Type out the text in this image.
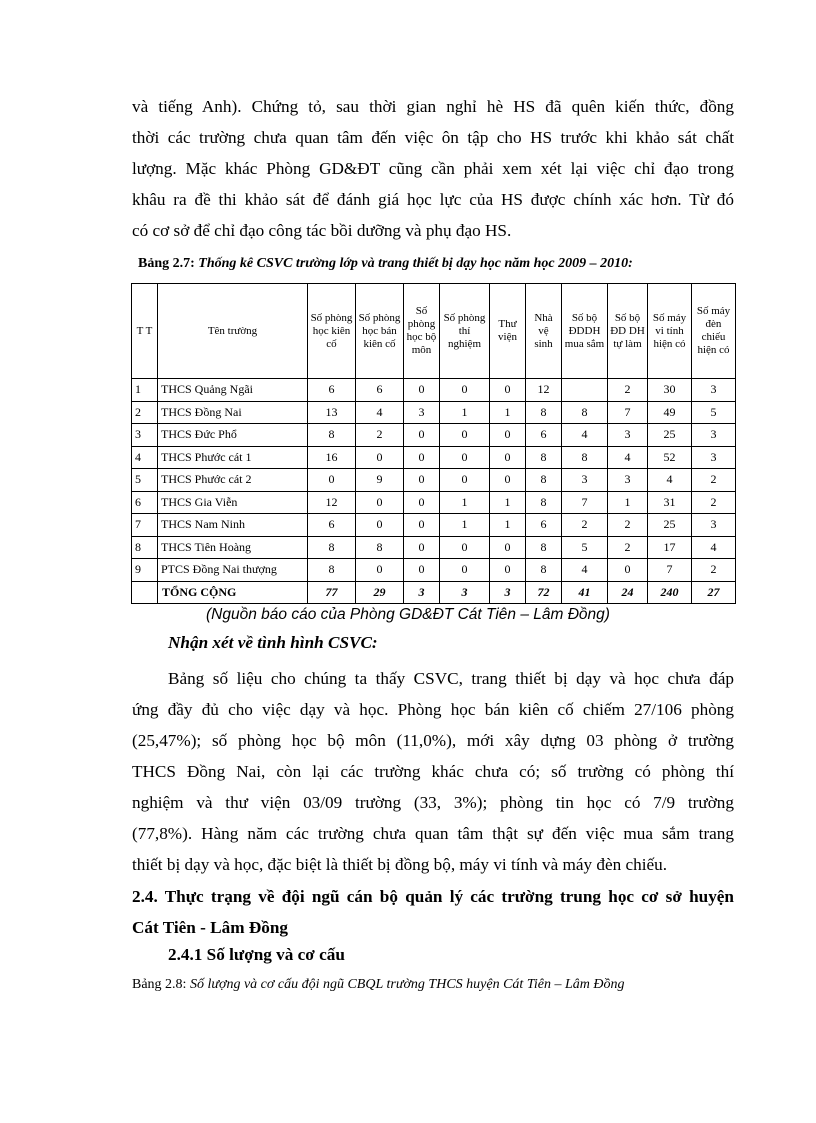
và tiếng Anh). Chứng tỏ, sau thời gian nghỉ hè HS đã quên kiến thức, đồng
thời các trường chưa quan tâm đến việc ôn tập cho HS trước khi khảo sát chất
lượng. Mặc khác Phòng GD&ĐT cũng cần phải xem xét lại việc chỉ đạo trong
khâu ra đề thi khảo sát để đánh giá học lực của HS được chính xác hơn. Từ đó
có cơ sở để chỉ đạo công tác bồi dưỡng và phụ đạo HS.
Bảng 2.7: Thống kê CSVC trường lớp và trang thiết bị dạy học năm học 2009 – 2010:
T T	Tên trường	Số phòng học kiên cố	Số phòng học bán kiên cố	Số phòng học bộ môn	Số phòng thí nghiệm	Thư viện	Nhà vệ sinh	Số bộ ĐDDH mua sắm	Số bộ ĐD DH tự làm	Số máy vi tính hiện có	Số máy đèn chiếu hiện có
1	THCS Quảng Ngãi	6	6	0	0	0	12		2	30	3
2	THCS Đồng Nai	13	4	3	1	1	8	8	7	49	5
3	THCS Đức Phổ	8	2	0	0	0	6	4	3	25	3
4	THCS Phước cát 1	16	0	0	0	0	8	8	4	52	3
5	THCS Phước cát 2	0	9	0	0	0	8	3	3	4	2
6	THCS Gia Viễn	12	0	0	1	1	8	7	1	31	2
7	THCS Nam Ninh	6	0	0	1	1	6	2	2	25	3
8	THCS Tiên Hoàng	8	8	0	0	0	8	5	2	17	4
9	PTCS Đồng Nai thượng	8	0	0	0	0	8	4	0	7	2
	TỔNG CỘNG	77	29	3	3	3	72	41	24	240	27
(Nguồn báo cáo của Phòng GD&ĐT Cát Tiên – Lâm Đồng)
Nhận xét về tình hình CSVC:
Bảng số liệu cho chúng ta thấy CSVC, trang thiết bị dạy và học chưa đáp
ứng đầy đủ cho việc dạy và học. Phòng học bán kiên cố chiếm 27/106 phòng
(25,47%); số phòng học bộ môn (11,0%), mới xây dựng 03 phòng ở trường
THCS Đồng Nai, còn lại các trường khác chưa có; số trường có phòng thí
nghiệm và thư viện 03/09 trường (33, 3%); phòng tin học có 7/9 trường
(77,8%). Hàng năm các trường chưa quan tâm thật sự đến việc mua sắm trang
thiết bị dạy và học, đặc biệt là thiết bị đồng bộ, máy vi tính và máy đèn chiếu.
2.4. Thực trạng về đội ngũ cán bộ quản lý các trường trung học cơ sở huyện
Cát Tiên - Lâm Đồng
2.4.1 Số lượng và cơ cấu
Bảng 2.8: Số lượng và cơ cấu đội ngũ CBQL trường THCS huyện Cát Tiên – Lâm Đồng
